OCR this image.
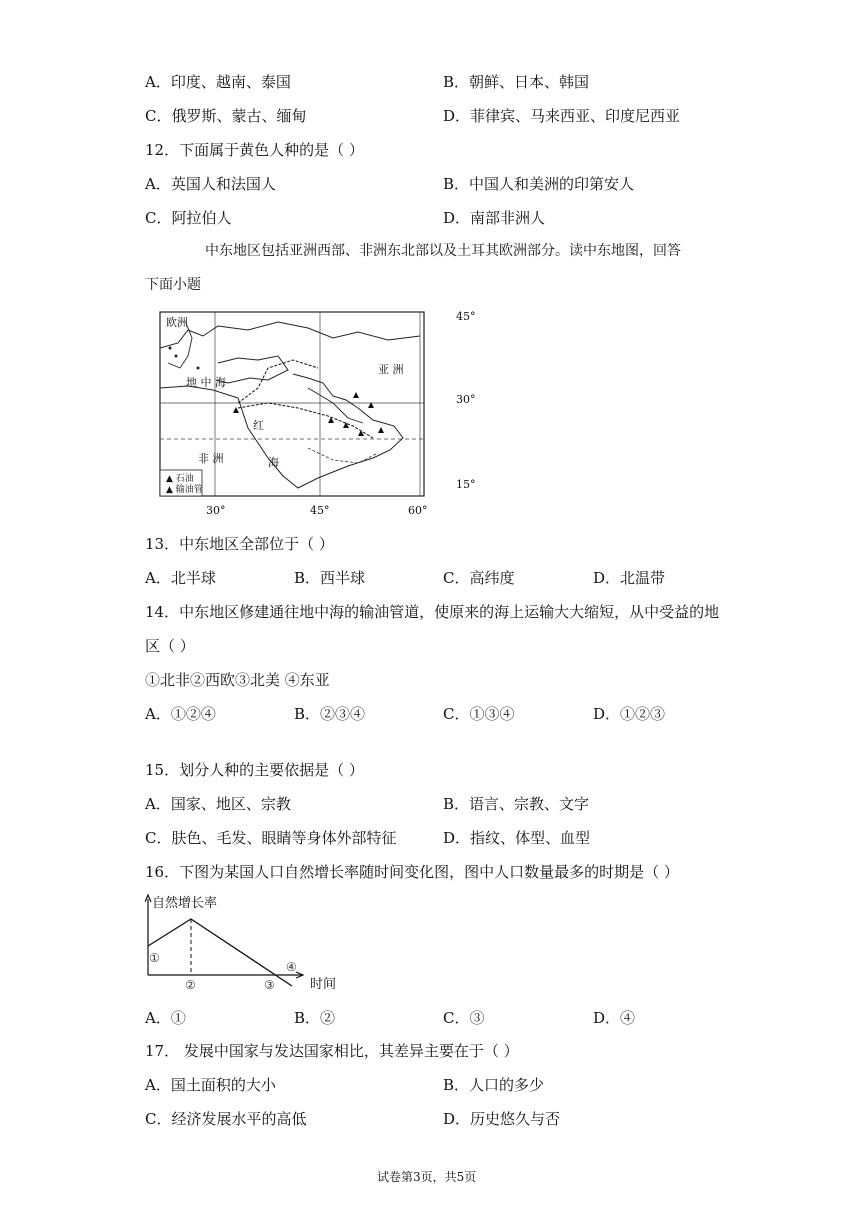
A．印度、越南、泰国	B．朝鲜、日本、韩国
C．俄罗斯、蒙古、缅甸	D．菲律宾、马来西亚、印度尼西亚
12．下面属于黄色人种的是（ ）
A．英国人和法国人	B．中国人和美洲的印第安人
C．阿拉伯人	D．南部非洲人
中东地区包括亚洲西部、非洲东北部以及土耳其欧洲部分。读中东地图，回答
下面小题
▲ 石油
▲ 输油管
欧洲
亚 洲
地 中 海
红
海
非 洲
45°
30°
15°
30°	45°	60°
13．中东地区全部位于（ ）
A．北半球	B．西半球	C．高纬度	D．北温带
14．中东地区修建通往地中海的输油管道，使原来的海上运输大大缩短，从中受益的地
区（ ）
①北非②西欧③北美 ④东亚
A．①②④	B．②③④	C．①③④	D．①②③
15．划分人种的主要依据是（ ）
A．国家、地区、宗教	B．语言、宗教、文字
C．肤色、毛发、眼睛等身体外部特征	D．指纹、体型、血型
16．下图为某国人口自然增长率随时间变化图，图中人口数量最多的时期是（ ）
自然增长率
时间
①
②	③
④
A．①	B．②	C．③	D．④
17． 发展中国家与发达国家相比，其差异主要在于（ ）
A．国土面积的大小	B．人口的多少
C．经济发展水平的高低	D．历史悠久与否
试卷第3页，共5页
